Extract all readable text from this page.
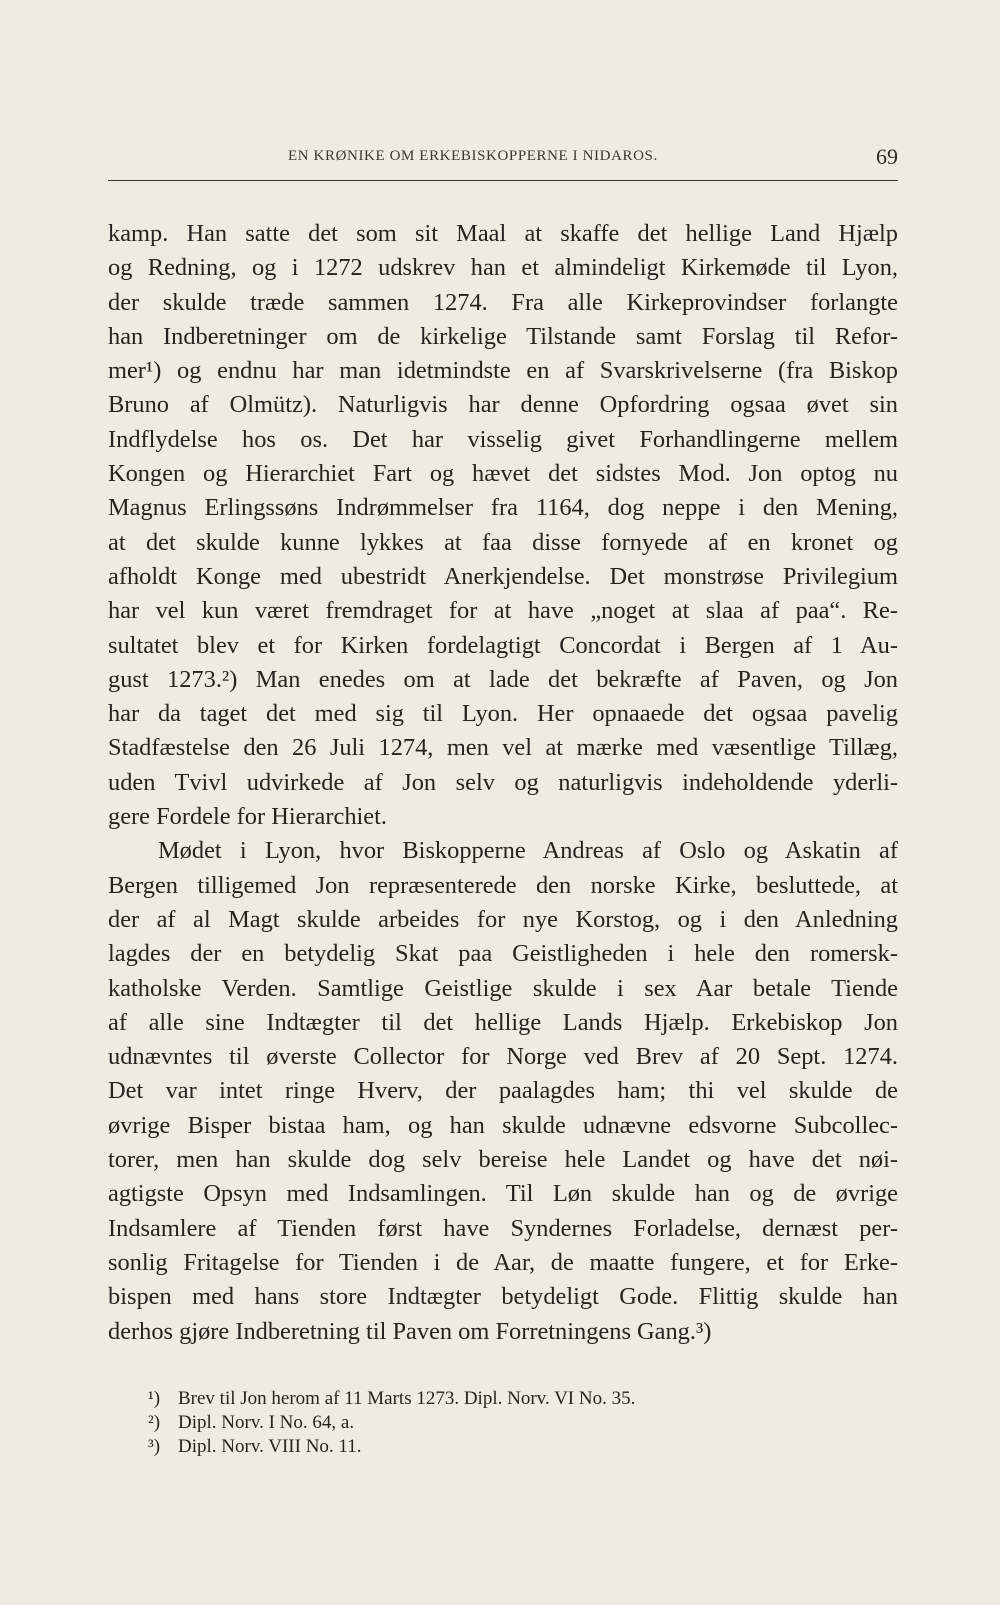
EN KRØNIKE OM ERKEBISKOPPERNE I NIDAROS.	69
kamp. Han satte det som sit Maal at skaffe det hellige Land Hjælp
og Redning, og i 1272 udskrev han et almindeligt Kirkemøde til Lyon,
der skulde træde sammen 1274. Fra alle Kirkeprovindser forlangte
han Indberetninger om de kirkelige Tilstande samt Forslag til Refor-
mer¹) og endnu har man idetmindste en af Svarskrivelserne (fra Biskop
Bruno af Olmütz). Naturligvis har denne Opfordring ogsaa øvet sin
Indflydelse hos os. Det har visselig givet Forhandlingerne mellem
Kongen og Hierarchiet Fart og hævet det sidstes Mod. Jon optog nu
Magnus Erlingssøns Indrømmelser fra 1164, dog neppe i den Mening,
at det skulde kunne lykkes at faa disse fornyede af en kronet og
afholdt Konge med ubestridt Anerkjendelse. Det monstrøse Privilegium
har vel kun været fremdraget for at have „noget at slaa af paa“. Re-
sultatet blev et for Kirken fordelagtigt Concordat i Bergen af 1 Au-
gust 1273.²) Man enedes om at lade det bekræfte af Paven, og Jon
har da taget det med sig til Lyon. Her opnaaede det ogsaa pavelig
Stadfæstelse den 26 Juli 1274, men vel at mærke med væsentlige Tillæg,
uden Tvivl udvirkede af Jon selv og naturligvis indeholdende yderli-
gere Fordele for Hierarchiet.
Mødet i Lyon, hvor Biskopperne Andreas af Oslo og Askatin af
Bergen tilligemed Jon repræsenterede den norske Kirke, besluttede, at
der af al Magt skulde arbeides for nye Korstog, og i den Anledning
lagdes der en betydelig Skat paa Geistligheden i hele den romersk-
katholske Verden. Samtlige Geistlige skulde i sex Aar betale Tiende
af alle sine Indtægter til det hellige Lands Hjælp. Erkebiskop Jon
udnævntes til øverste Collector for Norge ved Brev af 20 Sept. 1274.
Det var intet ringe Hverv, der paalagdes ham; thi vel skulde de
øvrige Bisper bistaa ham, og han skulde udnævne edsvorne Subcollec-
torer, men han skulde dog selv bereise hele Landet og have det nøi-
agtigste Opsyn med Indsamlingen. Til Løn skulde han og de øvrige
Indsamlere af Tienden først have Syndernes Forladelse, dernæst per-
sonlig Fritagelse for Tienden i de Aar, de maatte fungere, et for Erke-
bispen med hans store Indtægter betydeligt Gode. Flittig skulde han
derhos gjøre Indberetning til Paven om Forretningens Gang.³)
¹) Brev til Jon herom af 11 Marts 1273. Dipl. Norv. VI No. 35.
²) Dipl. Norv. I No. 64, a.
³) Dipl. Norv. VIII No. 11.
